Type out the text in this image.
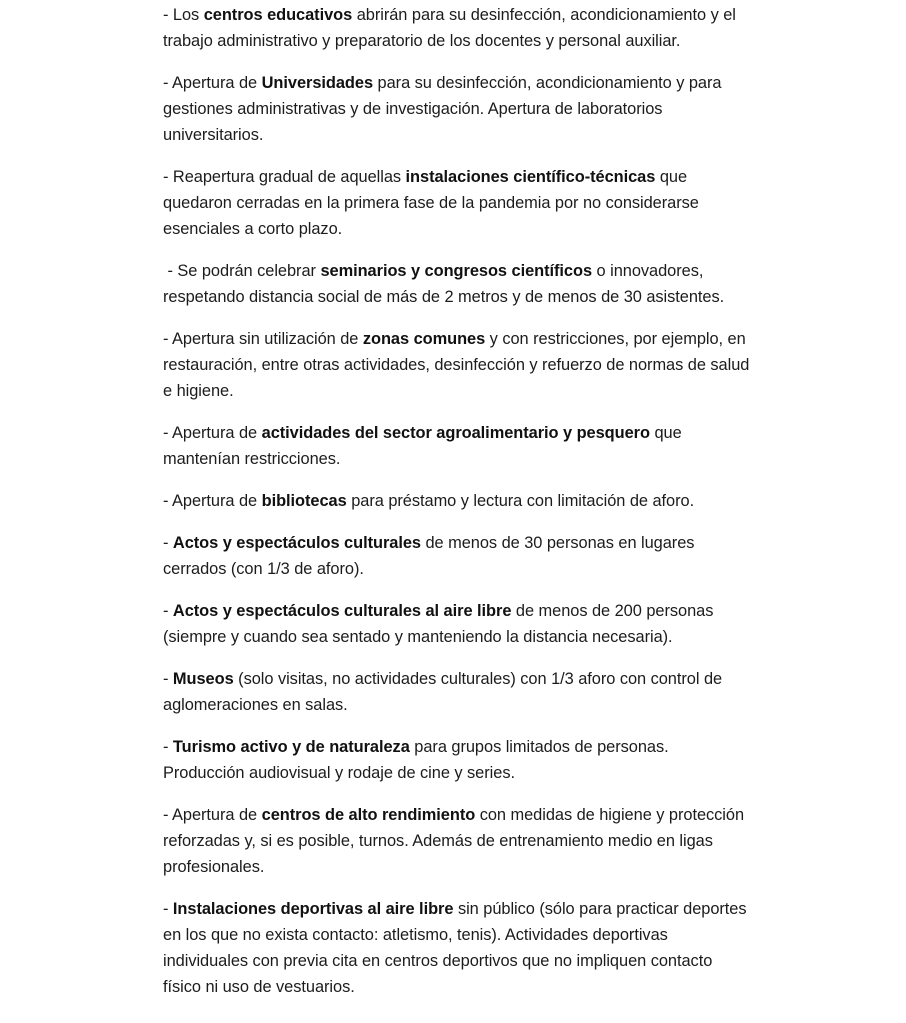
- Los centros educativos abrirán para su desinfección, acondicionamiento y el trabajo administrativo y preparatorio de los docentes y personal auxiliar.

- Apertura de Universidades para su desinfección, acondicionamiento y para gestiones administrativas y de investigación. Apertura de laboratorios universitarios.

- Reapertura gradual de aquellas instalaciones científico-técnicas que quedaron cerradas en la primera fase de la pandemia por no considerarse esenciales a corto plazo.

- Se podrán celebrar seminarios y congresos científicos o innovadores, respetando distancia social de más de 2 metros y de menos de 30 asistentes.

- Apertura sin utilización de zonas comunes y con restricciones, por ejemplo, en restauración, entre otras actividades, desinfección y refuerzo de normas de salud e higiene.

- Apertura de actividades del sector agroalimentario y pesquero que mantenían restricciones.

- Apertura de bibliotecas para préstamo y lectura con limitación de aforo.

- Actos y espectáculos culturales de menos de 30 personas en lugares cerrados (con 1/3 de aforo).

- Actos y espectáculos culturales al aire libre de menos de 200 personas (siempre y cuando sea sentado y manteniendo la distancia necesaria).

- Museos (solo visitas, no actividades culturales) con 1/3 aforo con control de aglomeraciones en salas.

- Turismo activo y de naturaleza para grupos limitados de personas. Producción audiovisual y rodaje de cine y series.

- Apertura de centros de alto rendimiento con medidas de higiene y protección reforzadas y, si es posible, turnos. Además de entrenamiento medio en ligas profesionales.

- Instalaciones deportivas al aire libre sin público (sólo para practicar deportes en los que no exista contacto: atletismo, tenis). Actividades deportivas individuales con previa cita en centros deportivos que no impliquen contacto físico ni uso de vestuarios.
